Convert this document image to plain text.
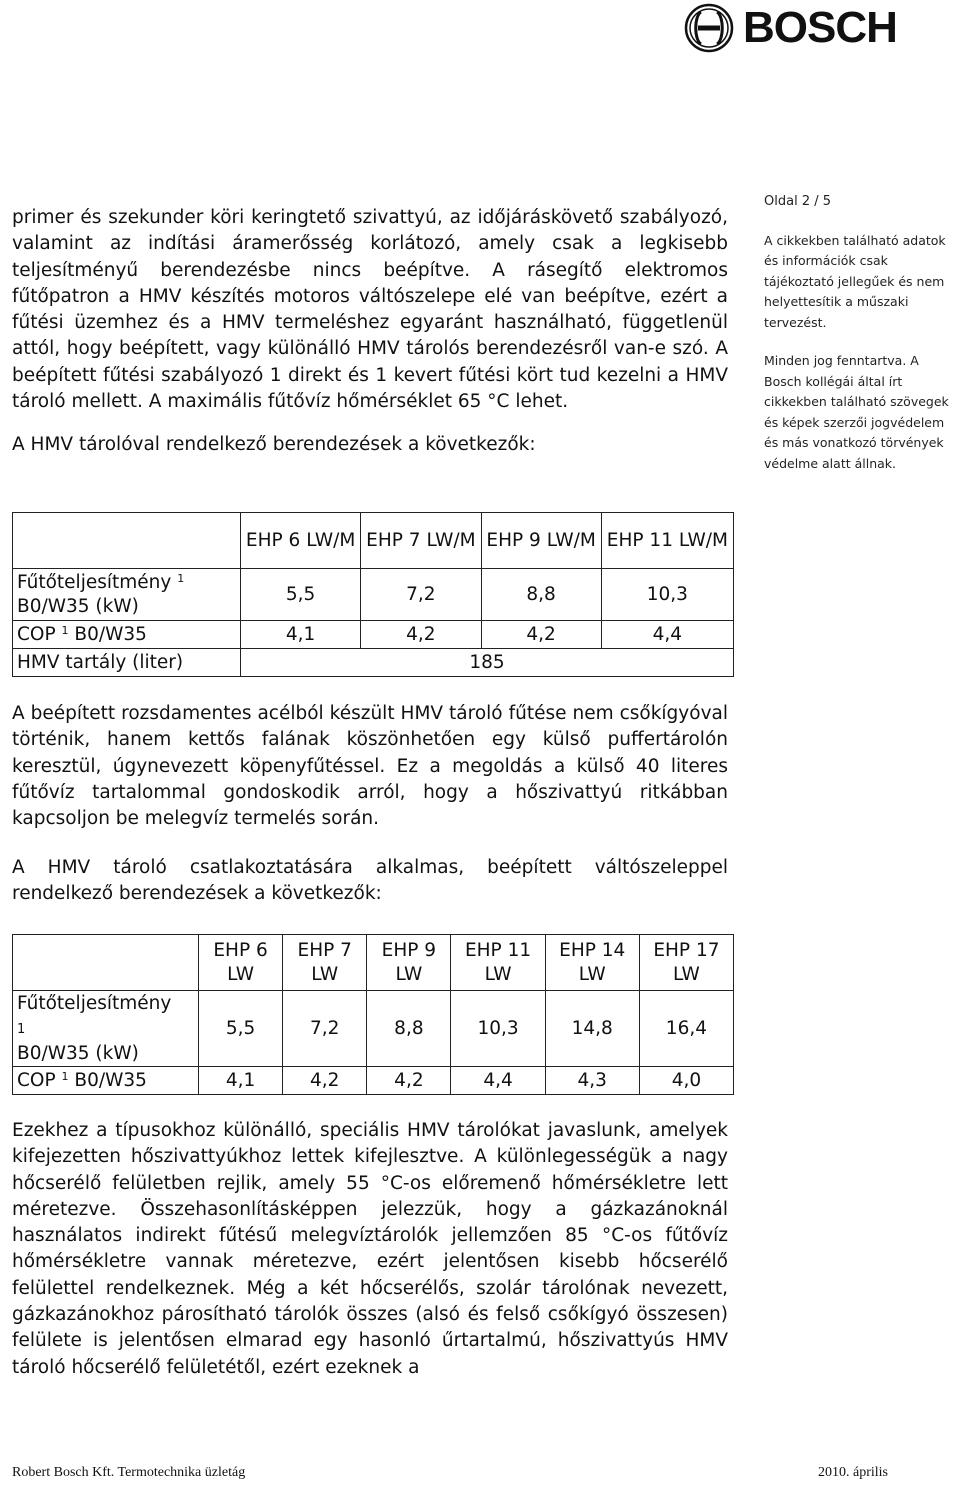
BOSCH

primer és szekunder köri keringtető szivattyú, az időjáráskövető szabályozó, valamint az indítási áramerősség korlátozó, amely csak a legkisebb teljesítményű berendezésbe nincs beépítve. A rásegítő elektromos fűtőpatron a HMV készítés motoros váltószelepe elé van beépítve, ezért a fűtési üzemhez és a HMV termeléshez egyaránt használható, függetlenül attól, hogy beépített, vagy különálló HMV tárolós berendezésről van-e szó. A beépített fűtési szabályozó 1 direkt és 1 kevert fűtési kört tud kezelni a HMV tároló mellett. A maximális fűtővíz hőmérséklet 65 °C lehet.

A HMV tárolóval rendelkező berendezések a következők:

Oldal 2 / 5

A cikkekben található adatok és információk csak tájékoztató jellegűek és nem helyettesítik a műszaki tervezést.

Minden jog fenntartva. A Bosch kollégái által írt cikkekben található szövegek és képek szerzői jogvédelem és más vonatkozó törvények védelme alatt állnak.

	EHP 6 LW/M	EHP 7 LW/M	EHP 9 LW/M	EHP 11 LW/M
Fűtőteljesítmény $^1$
B0/W35 (kW)	5,5	7,2	8,8	10,3
COP $^1$ B0/W35	4,1	4,2	4,2	4,4
HMV tartály (liter)	185			

A beépített rozsdamentes acélból készült HMV tároló fűtése nem csőkígyóval történik, hanem kettős falának köszönhetően egy külső puffertárolón keresztül, úgynevezett köpenyfűtéssel. Ez a megoldás a külső 40 literes fűtővíz tartalommal gondoskodik arról, hogy a hőszivattyú ritkábban kapcsoljon be melegvíz termelés során.

A HMV tároló csatlakoztatására alkalmas, beépített váltószeleppel rendelkező berendezések a következők:

	EHP 6 LW	EHP 7 LW	EHP 9 LW	EHP 11 LW	EHP 14 LW	EHP 17 LW
Fűtőteljesítmény
1
B0/W35 (kW)	5,5	7,2	8,8	10,3	14,8	16,4
COP $^1$ B0/W35	4,1	4,2	4,2	4,4	4,3	4,0

Ezekhez a típusokhoz különálló, speciális HMV tárolókat javaslunk, amelyek kifejezetten hőszivattyúkhoz lettek kifejlesztve. A különlegességük a nagy hőcserélő felületben rejlik, amely 55 °C-os előremenő hőmérsékletre lett méretezve. Összehasonlításképpen jelezzük, hogy a gázkazánoknál használatos indirekt fűtésű melegvíztárolók jellemzően 85 °C-os fűtővíz hőmérsékletre vannak méretezve, ezért jelentősen kisebb hőcserélő felülettel rendelkeznek. Még a két hőcserélős, szolár tárolónak nevezett, gázkazánokhoz párosítható tárolók összes (alsó és felső csőkígyó összesen) felülete is jelentősen elmarad egy hasonló űrtartalmú, hőszivattyús HMV tároló hőcserélő felületétől, ezért ezeknek a

Robert Bosch Kft. Termotechnika üzletág	2010. április
